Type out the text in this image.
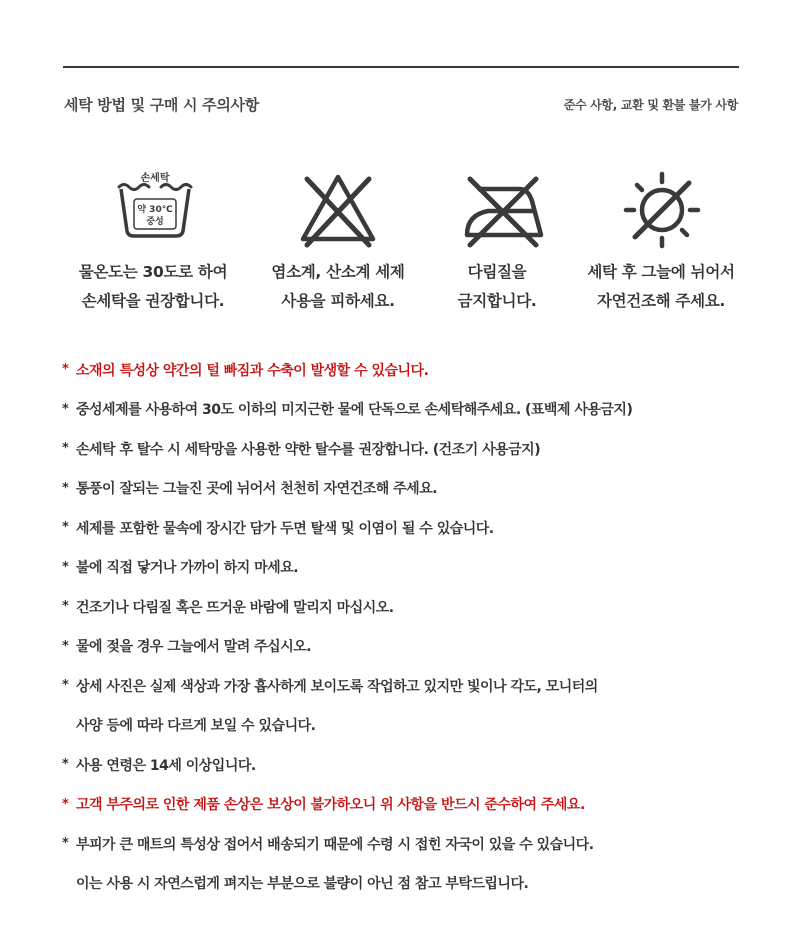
세탁 방법 및 구매 시 주의사항	준수 사항, 교환 및 환불 불가 사항
손세탁
약 30℃
중성
물온도는 30도로 하여
손세탁을 권장합니다.
염소계, 산소계 세제
사용을 피하세요.
다림질을
금지합니다.
세탁 후 그늘에 뉘어서
자연건조해 주세요.
* 소재의 특성상 약간의 털 빠짐과 수축이 발생할 수 있습니다.
* 중성세제를 사용하여 30도 이하의 미지근한 물에 단독으로 손세탁해주세요. (표백제 사용금지)
* 손세탁 후 탈수 시 세탁망을 사용한 약한 탈수를 권장합니다. (건조기 사용금지)
* 통풍이 잘되는 그늘진 곳에 뉘어서 천천히 자연건조해 주세요.
* 세제를 포함한 물속에 장시간 담가 두면 탈색 및 이염이 될 수 있습니다.
* 불에 직접 닿거나 가까이 하지 마세요.
* 건조기나 다림질 혹은 뜨거운 바람에 말리지 마십시오.
* 물에 젖을 경우 그늘에서 말려 주십시오.
* 상세 사진은 실제 색상과 가장 흡사하게 보이도록 작업하고 있지만 빛이나 각도, 모니터의
사양 등에 따라 다르게 보일 수 있습니다.
* 사용 연령은 14세 이상입니다.
* 고객 부주의로 인한 제품 손상은 보상이 불가하오니 위 사항을 반드시 준수하여 주세요.
* 부피가 큰 매트의 특성상 접어서 배송되기 때문에 수령 시 접힌 자국이 있을 수 있습니다.
이는 사용 시 자연스럽게 펴지는 부분으로 불량이 아닌 점 참고 부탁드립니다.
